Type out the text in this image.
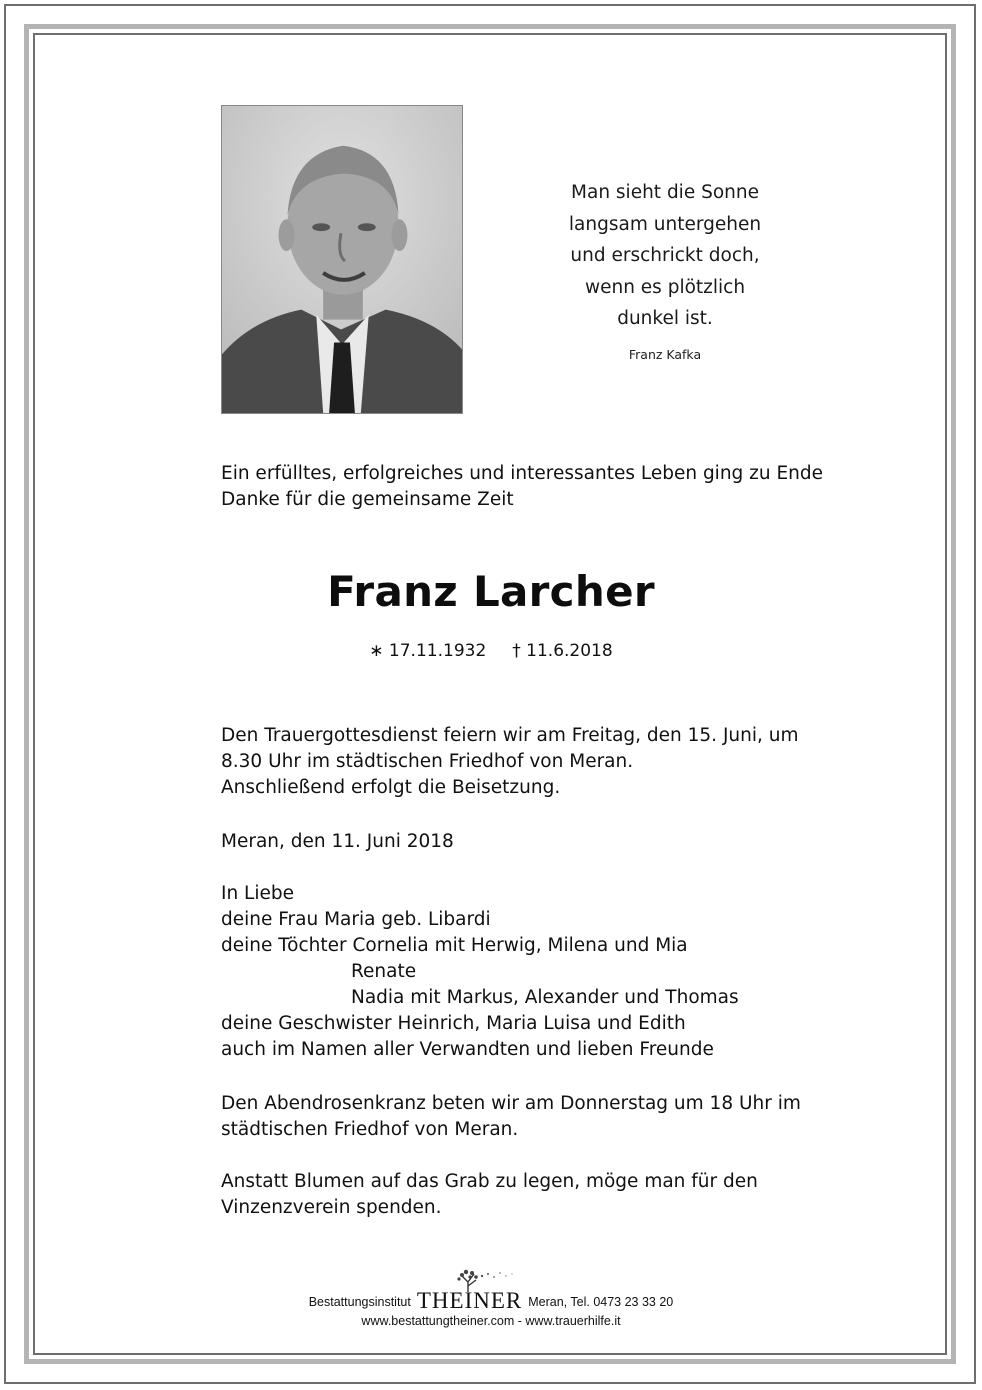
Man sieht die Sonne
langsam untergehen
und erschrickt doch,
wenn es plötzlich
dunkel ist.
Franz Kafka
Ein erfülltes, erfolgreiches und interessantes Leben ging zu Ende
Danke für die gemeinsame Zeit
Franz Larcher
∗ 17.11.1932 † 11.6.2018
Den Trauergottesdienst feiern wir am Freitag, den 15. Juni, um
8.30 Uhr im städtischen Friedhof von Meran.
Anschließend erfolgt die Beisetzung.
Meran, den 11. Juni 2018
In Liebe
deine Frau Maria geb. Libardi
deine Töchter Cornelia mit Herwig, Milena und Mia
Renate
Nadia mit Markus, Alexander und Thomas
deine Geschwister Heinrich, Maria Luisa und Edith
auch im Namen aller Verwandten und lieben Freunde
Den Abendrosenkranz beten wir am Donnerstag um 18 Uhr im
städtischen Friedhof von Meran.
Anstatt Blumen auf das Grab zu legen, möge man für den
Vinzenzverein spenden.
Bestattungsinstitut THEINER Meran, Tel. 0473 23 33 20
www.bestattungtheiner.com - www.trauerhilfe.it
